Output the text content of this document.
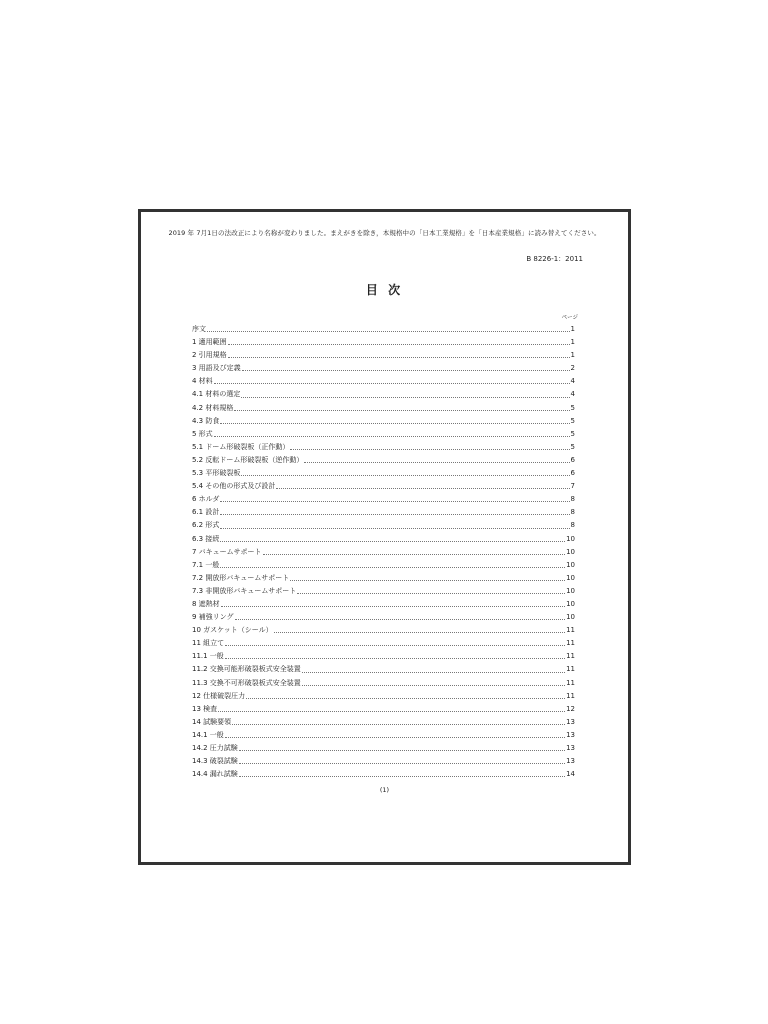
2019 年 7月1日の法改正により名称が変わりました。まえがきを除き，本規格中の「日本工業規格」を「日本産業規格」に読み替えてください。
B 8226-1：2011
目 次
ページ
序文	1
1 適用範囲	1
2 引用規格	1
3 用語及び定義	2
4 材料	4
4.1 材料の選定	4
4.2 材料規格	5
4.3 防食	5
5 形式	5
5.1 ドーム形破裂板（正作動）	5
5.2 反転ドーム形破裂板（逆作動）	6
5.3 平形破裂板	6
5.4 その他の形式及び設計	7
6 ホルダ	8
6.1 設計	8
6.2 形式	8
6.3 接続	10
7 バキュームサポート	10
7.1 一般	10
7.2 開放形バキュームサポート	10
7.3 非開放形バキュームサポート	10
8 遮熱材	10
9 補強リング	10
10 ガスケット（シール）	11
11 組立て	11
11.1 一般	11
11.2 交換可能形破裂板式安全装置	11
11.3 交換不可形破裂板式安全装置	11
12 仕様破裂圧力	11
13 検査	12
14 試験要領	13
14.1 一般	13
14.2 圧力試験	13
14.3 破裂試験	13
14.4 漏れ試験	14
(1)
